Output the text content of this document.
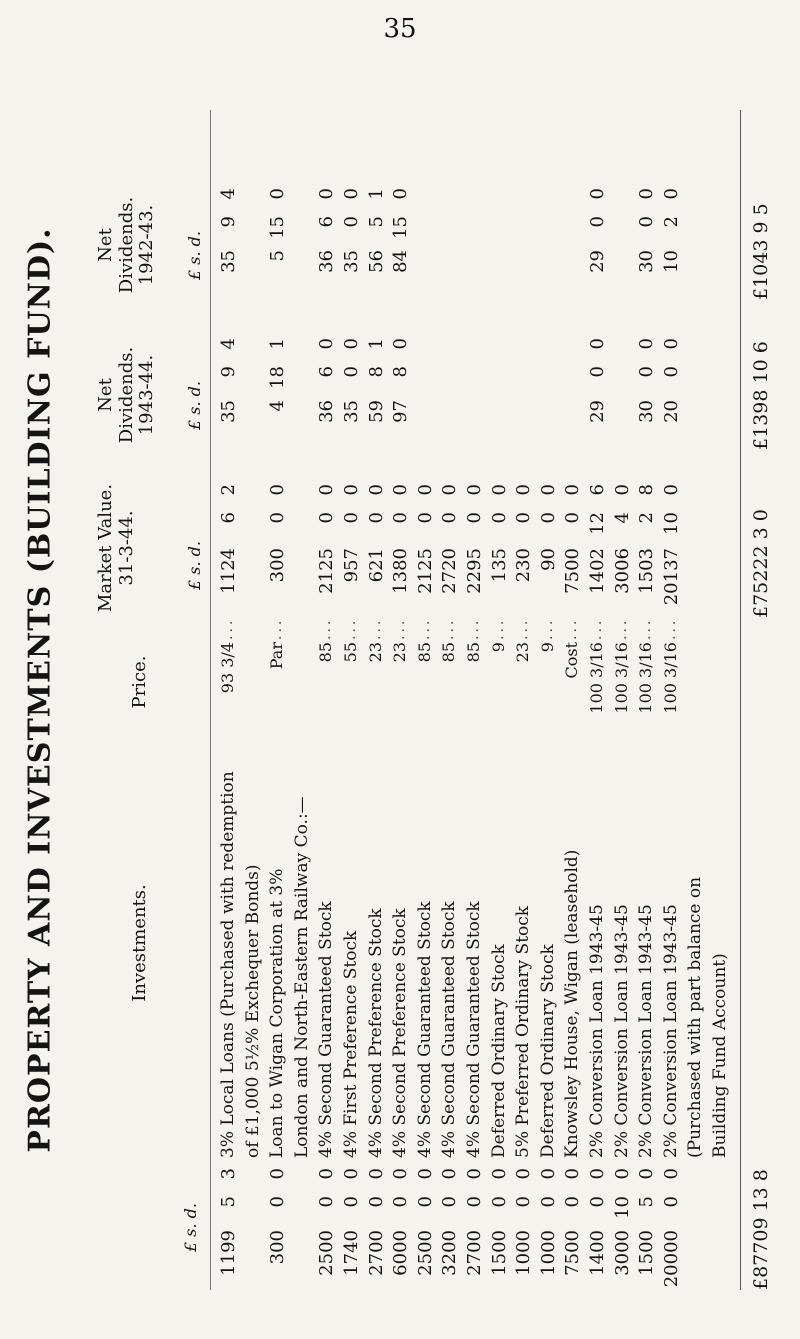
35
PROPERTY AND INVESTMENTS (BUILDING FUND).
£ s. d.
Investments.
Price.
Market Value. 31-3-44.
Net Dividends. 1943-44.
Net Dividends. 1942-43.
£ s. d.
£ s. d.
£ s. d.
1199
5
3
3% Local Loans (Purchased with redemption
93 3/4
1124
6
2
35
9
4
35
9
4
...
of £1,000 5½% Exchequer Bonds)
300
0
0
Loan to Wigan Corporation at 3%
Par
300
0
0
4
18
1
5
15
0
...
London and North-Eastern Railway Co.:—
2500
0
0
4% Second Guaranteed Stock
85
2125
0
0
36
6
0
36
6
0
...
1740
0
0
4% First Preference Stock
55
957
0
0
35
0
0
35
0
0
...
2700
0
0
4% Second Preference Stock
23
621
0
0
59
8
1
56
5
1
...
6000
0
0
4% Second Preference Stock
23
1380
0
0
97
8
0
84
15
0
...
2500
0
0
4% Second Guaranteed Stock
85
2125
0
0
...
3200
0
0
4% Second Guaranteed Stock
85
2720
0
0
...
2700
0
0
4% Second Guaranteed Stock
85
2295
0
0
...
1500
0
0
Deferred Ordinary Stock
9
135
0
0
...
1000
0
0
5% Preferred Ordinary Stock
23
230
0
0
...
1000
0
0
Deferred Ordinary Stock
9
90
0
0
...
7500
0
0
Knowsley House, Wigan (leasehold)
Cost
7500
0
0
...
1400
0
0
2% Conversion Loan 1943-45
100 3/16
1402
12
6
29
0
0
29
0
0
...
3000
10
0
2% Conversion Loan 1943-45
100 3/16
3006
4
0
...
1500
5
0
2% Conversion Loan 1943-45
100 3/16
1503
2
8
30
0
0
30
0
0
...
20000
0
0
2% Conversion Loan 1943-45
100 3/16
20137
10
0
20
0
0
10
2
0
...
(Purchased with part balance on Building Fund Account)
£87709 13 8
£75222 3 0
£1398 10 6
£1043 9 5
